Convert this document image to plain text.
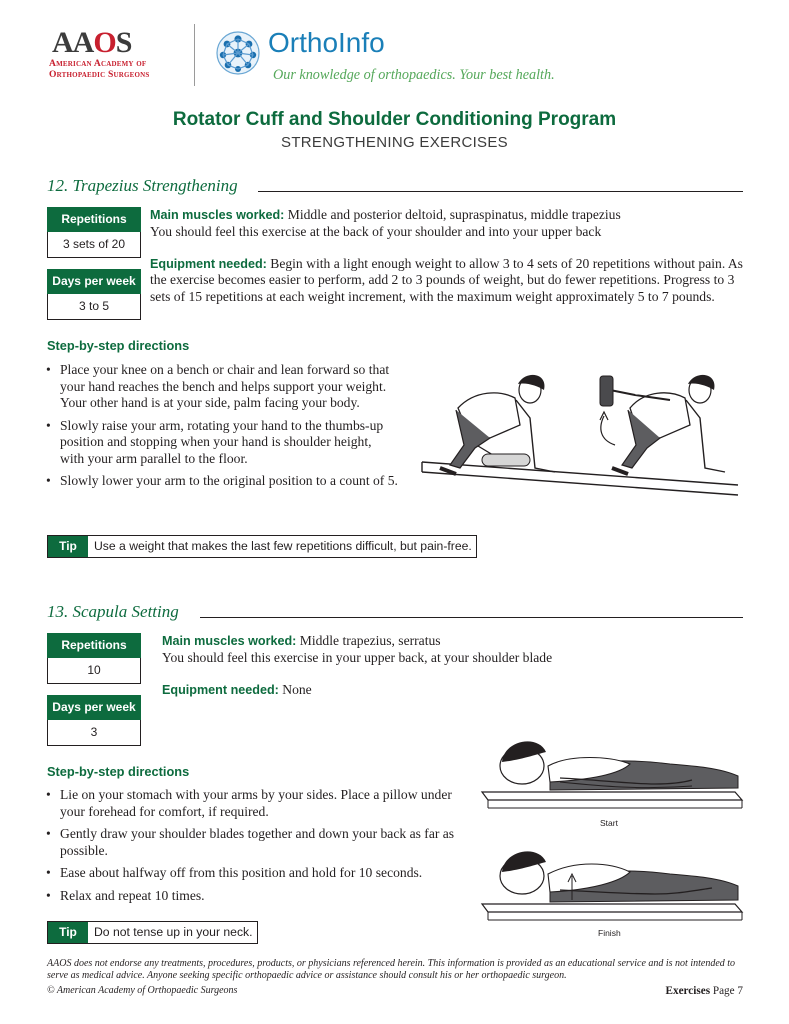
AAOS
American Academy of
Orthopaedic Surgeons
OrthoInfo
Our knowledge of orthopaedics. Your best health.
Rotator Cuff and Shoulder Conditioning Program
STRENGTHENING EXERCISES
12. Trapezius Strengthening
Repetitions
3 sets of 20
Days per week
3 to 5
Main muscles worked: Middle and posterior deltoid, supraspinatus, middle trapezius
You should feel this exercise at the back of your shoulder and into your upper back
Equipment needed: Begin with a light enough weight to allow 3 to 4 sets of 20 repetitions without pain. As the exercise becomes easier to perform, add 2 to 3 pounds of weight, but do fewer repetitions. Progress to 3 sets of 15 repetitions at each weight increment, with the maximum weight approximately 5 to 7 pounds.
Step-by-step directions
• Place your knee on a bench or chair and lean forward so that your hand reaches the bench and helps support your weight. Your other hand is at your side, palm facing your body.
• Slowly raise your arm, rotating your hand to the thumbs-up position and stopping when your hand is shoulder height, with your arm parallel to the floor.
• Slowly lower your arm to the original position to a count of 5.
Tip	Use a weight that makes the last few repetitions difficult, but pain-free.
13. Scapula Setting
Repetitions
10
Days per week
3
Main muscles worked: Middle trapezius, serratus
You should feel this exercise in your upper back, at your shoulder blade
Equipment needed: None
Step-by-step directions
• Lie on your stomach with your arms by your sides. Place a pillow under your forehead for comfort, if required.
• Gently draw your shoulder blades together and down your back as far as possible.
• Ease about halfway off from this position and hold for 10 seconds.
• Relax and repeat 10 times.
Start
Finish
Tip	Do not tense up in your neck.
AAOS does not endorse any treatments, procedures, products, or physicians referenced herein. This information is provided as an educational service and is not intended to serve as medical advice. Anyone seeking specific orthopaedic advice or assistance should consult his or her orthopaedic surgeon.
© American Academy of Orthopaedic Surgeons	Exercises Page 7
